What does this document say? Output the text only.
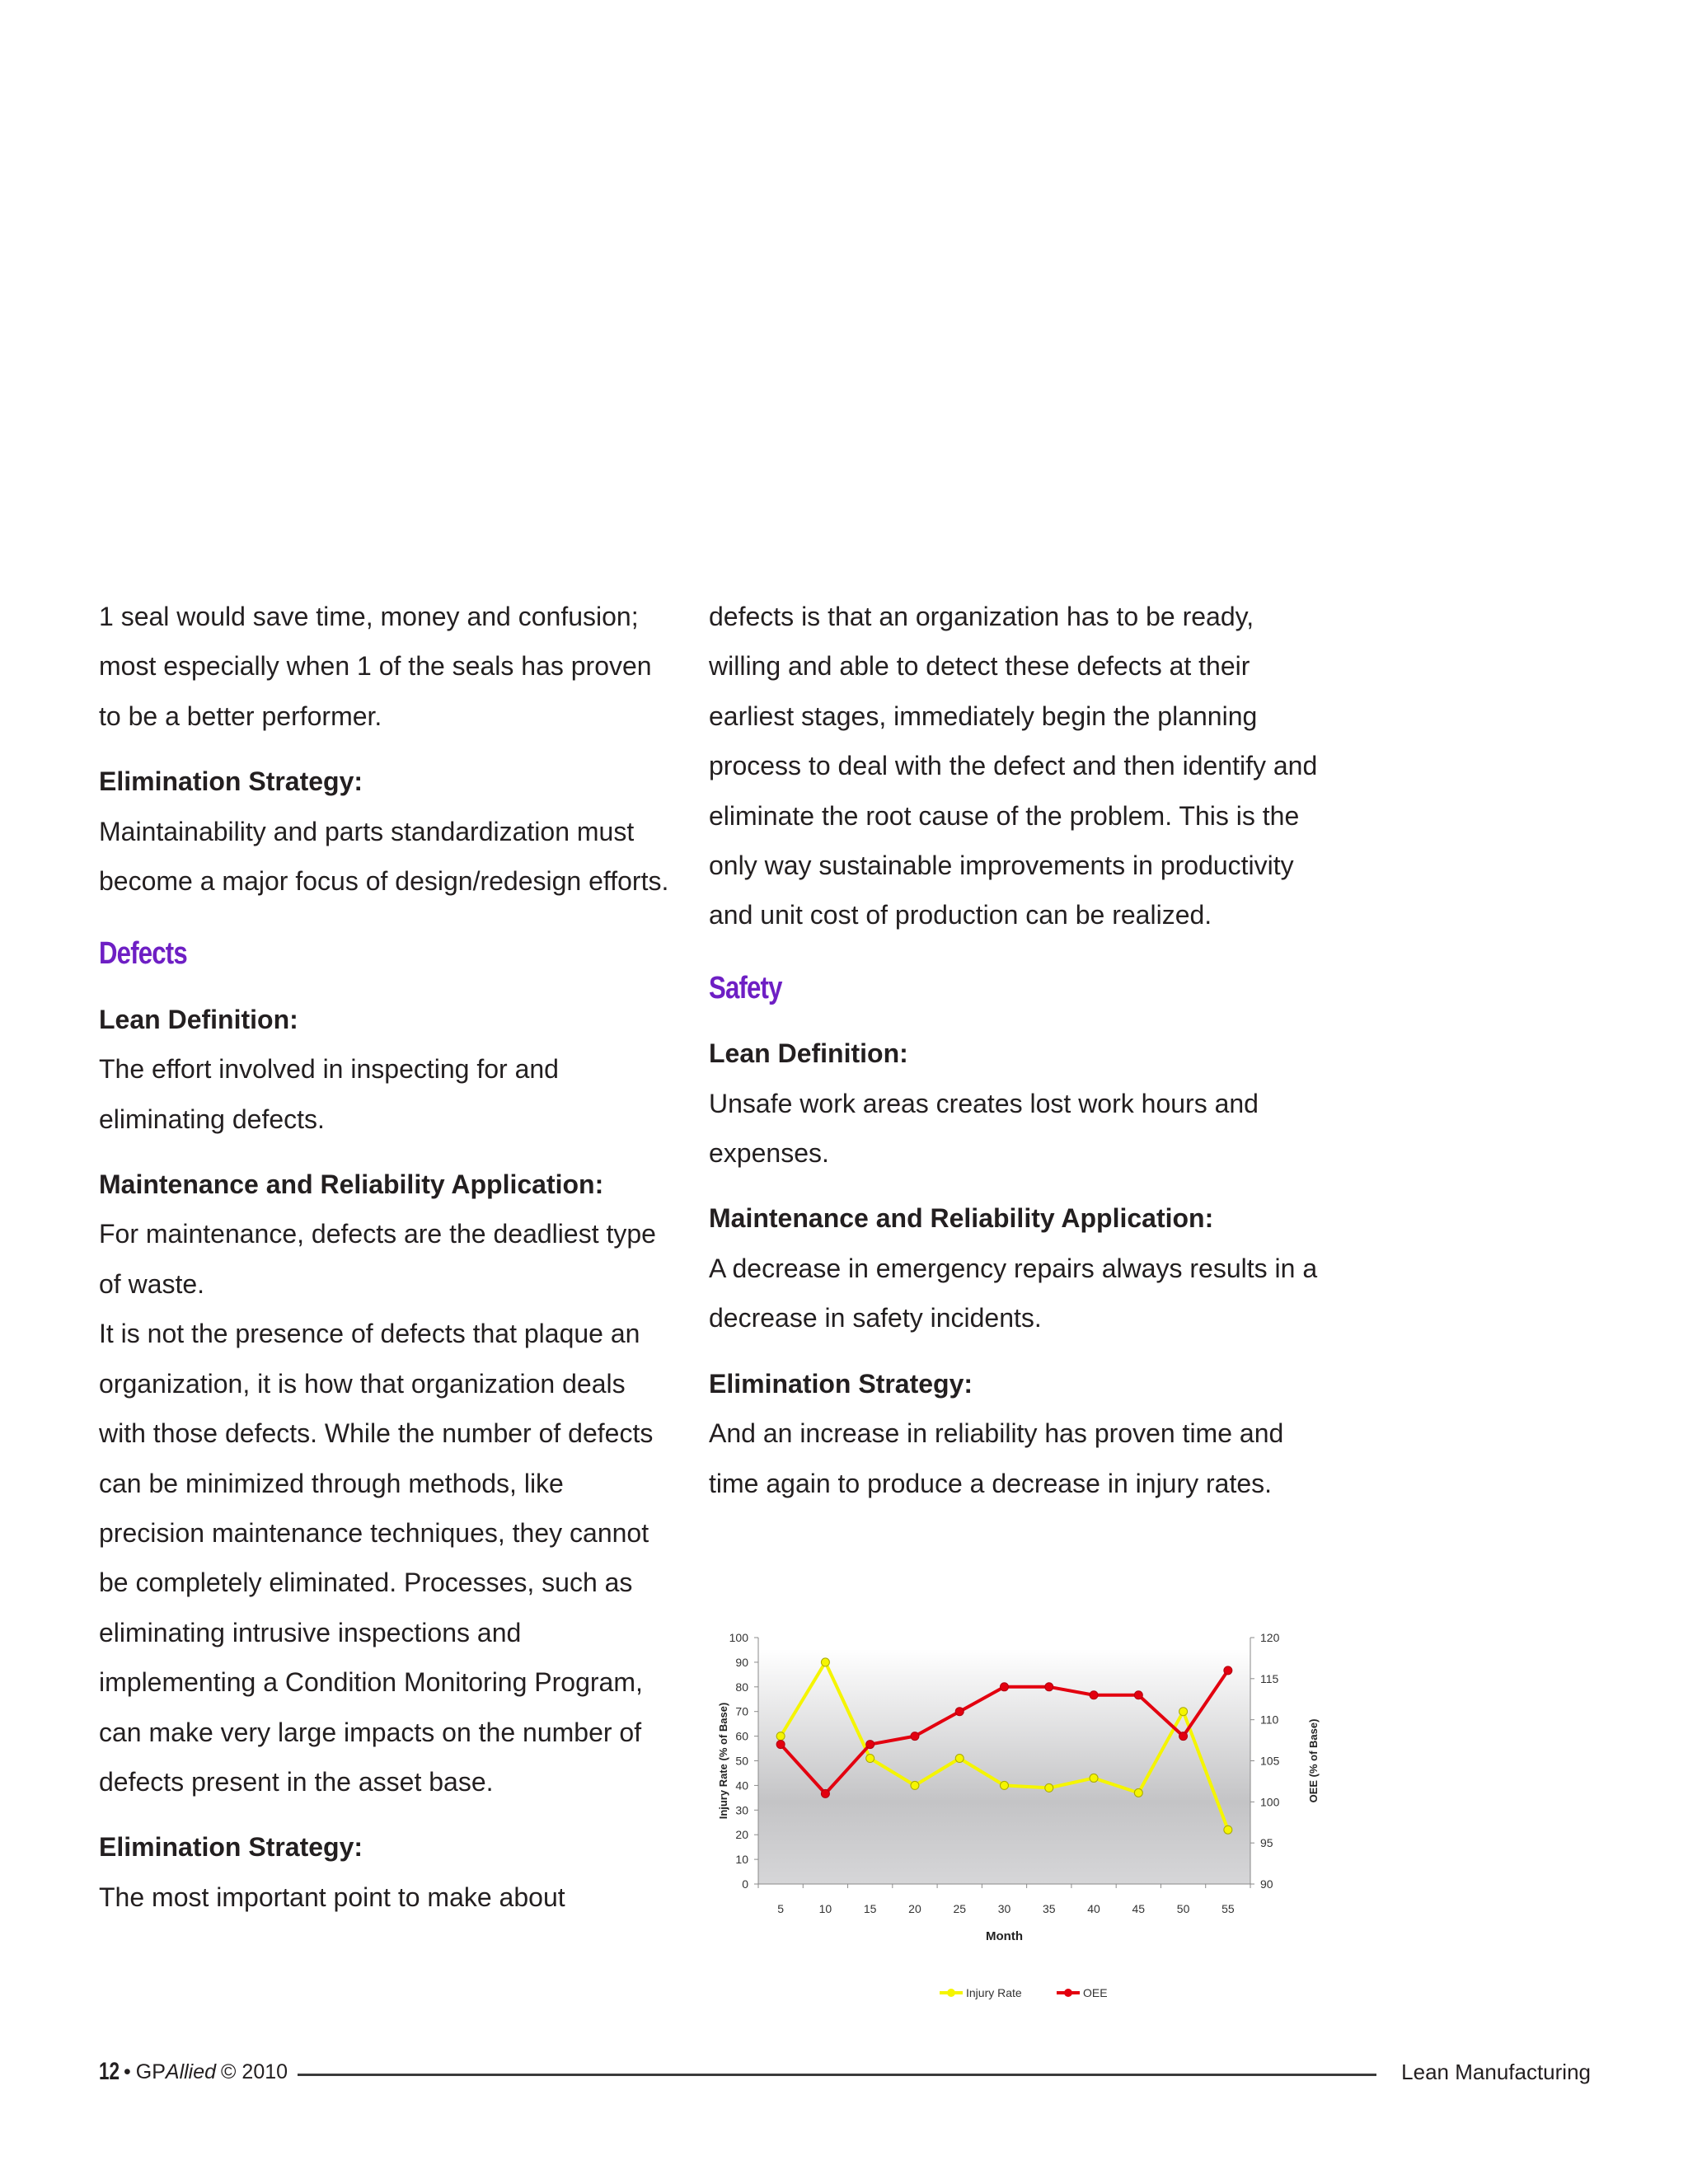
1 seal would save time, money and confusion; most especially when 1 of the seals has proven to be a better performer.

Elimination Strategy:

Maintainability and parts standardization must become a major focus of design/redesign efforts.

Defects

Lean Definition:

The effort involved in inspecting for and eliminating defects.

Maintenance and Reliability Application:

For maintenance, defects are the deadliest type of waste.

It is not the presence of defects that plaque an organization, it is how that organization deals with those defects. While the number of defects can be minimized through methods, like precision maintenance techniques, they cannot be completely eliminated. Processes, such as eliminating intrusive inspections and implementing a Condition Monitoring Program, can make very large impacts on the number of defects present in the asset base.

Elimination Strategy:

The most important point to make about

defects is that an organization has to be ready, willing and able to detect these defects at their earliest stages, immediately begin the planning process to deal with the defect and then identify and eliminate the root cause of the problem. This is the only way sustainable improvements in productivity and unit cost of production can be realized.

Safety

Lean Definition:

Unsafe work areas creates lost work hours and expenses.

Maintenance and Reliability Application:

A decrease in emergency repairs always results in a decrease in safety incidents.

Elimination Strategy:

And an increase in reliability has proven time and time again to produce a decrease in injury rates.

0
10
20
30
40
50
60
70
80
90
100
90
95
100
105
110
115
120
5	10	15	20	25	30	35	40	45	50	55
Month
Injury Rate (% of Base)	OEE (% of Base)
Injury Rate	OEE
12 • GP Allied © 2010	Lean Manufacturing
